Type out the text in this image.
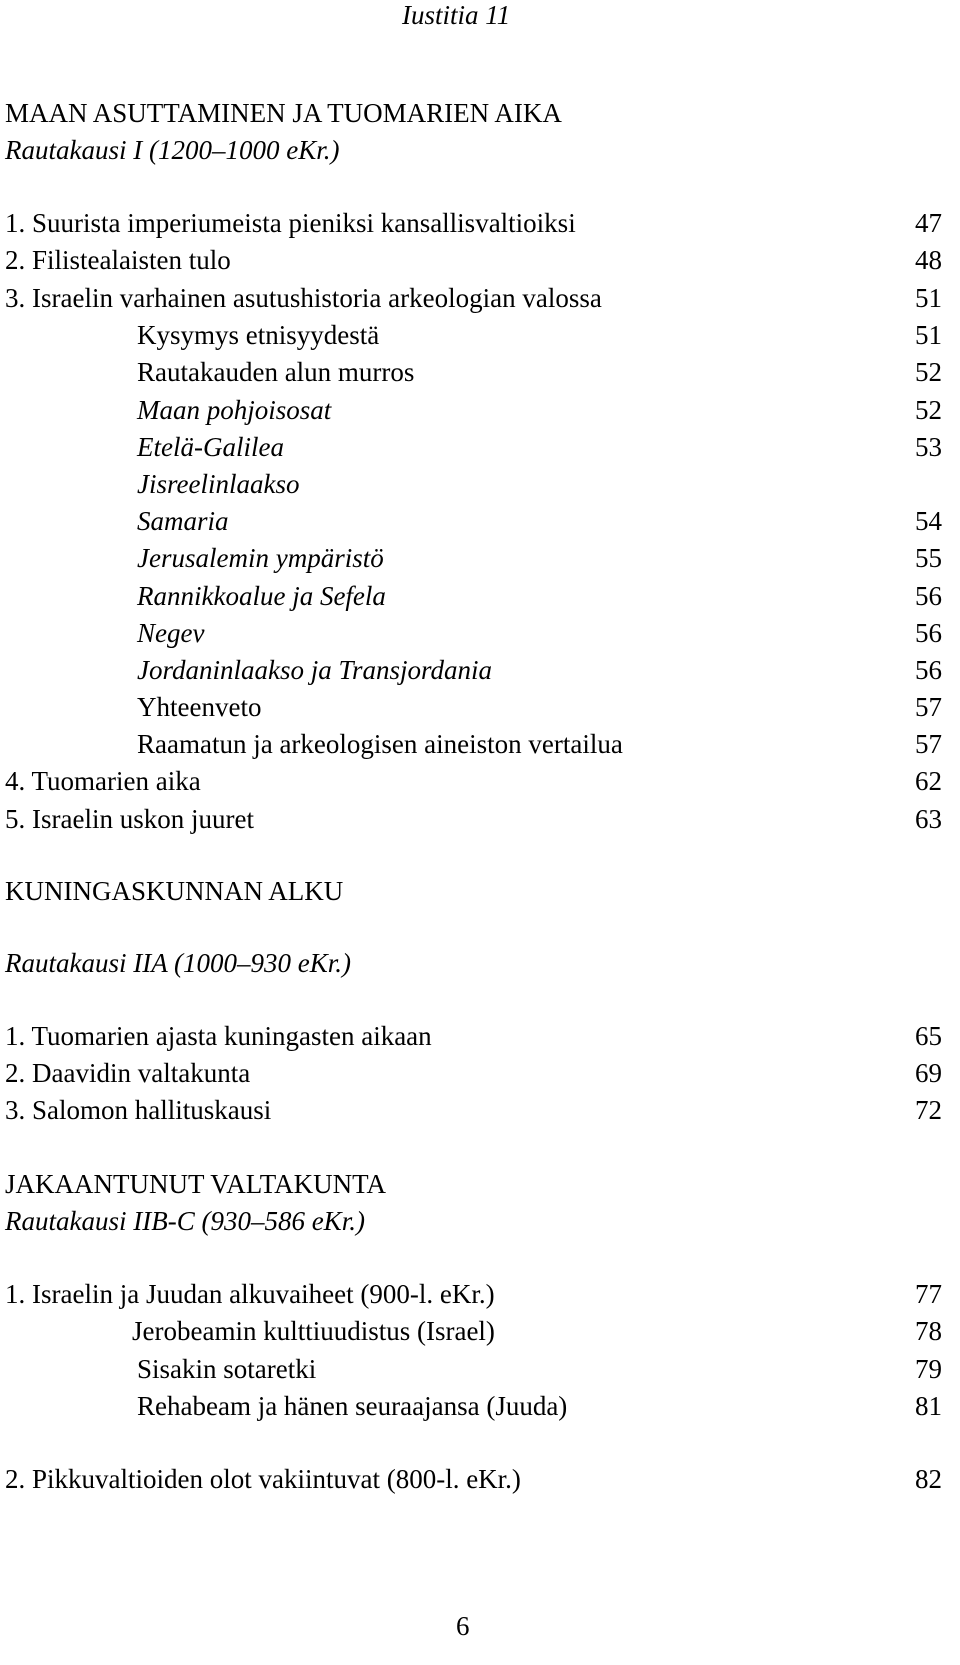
Iustitia 11
MAAN ASUTTAMINEN JA TUOMARIEN AIKA
Rautakausi I (1200–1000 eKr.)
1. Suurista imperiumeista pieniksi kansallisvaltioiksi	47
2. Filistealaisten tulo	48
3. Israelin varhainen asutushistoria arkeologian valossa	51
Kysymys etnisyydestä	51
Rautakauden alun murros	52
Maan pohjoisosat	52
Etelä-Galilea	53
Jisreelinlaakso
Samaria	54
Jerusalemin ympäristö	55
Rannikkoalue ja Sefela	56
Negev	56
Jordaninlaakso ja Transjordania	56
Yhteenveto	57
Raamatun ja arkeologisen aineiston vertailua	57
4. Tuomarien aika	62
5. Israelin uskon juuret	63
KUNINGASKUNNAN ALKU
Rautakausi IIA (1000–930 eKr.)
1. Tuomarien ajasta kuningasten aikaan	65
2. Daavidin valtakunta	69
3. Salomon hallituskausi	72
JAKAANTUNUT VALTAKUNTA
Rautakausi IIB-C (930–586 eKr.)
1. Israelin ja Juudan alkuvaiheet (900-l. eKr.)	77
Jerobeamin kulttiuudistus (Israel)	78
Sisakin sotaretki	79
Rehabeam ja hänen seuraajansa (Juuda)	81
2. Pikkuvaltioiden olot vakiintuvat (800-l. eKr.)	82
6
